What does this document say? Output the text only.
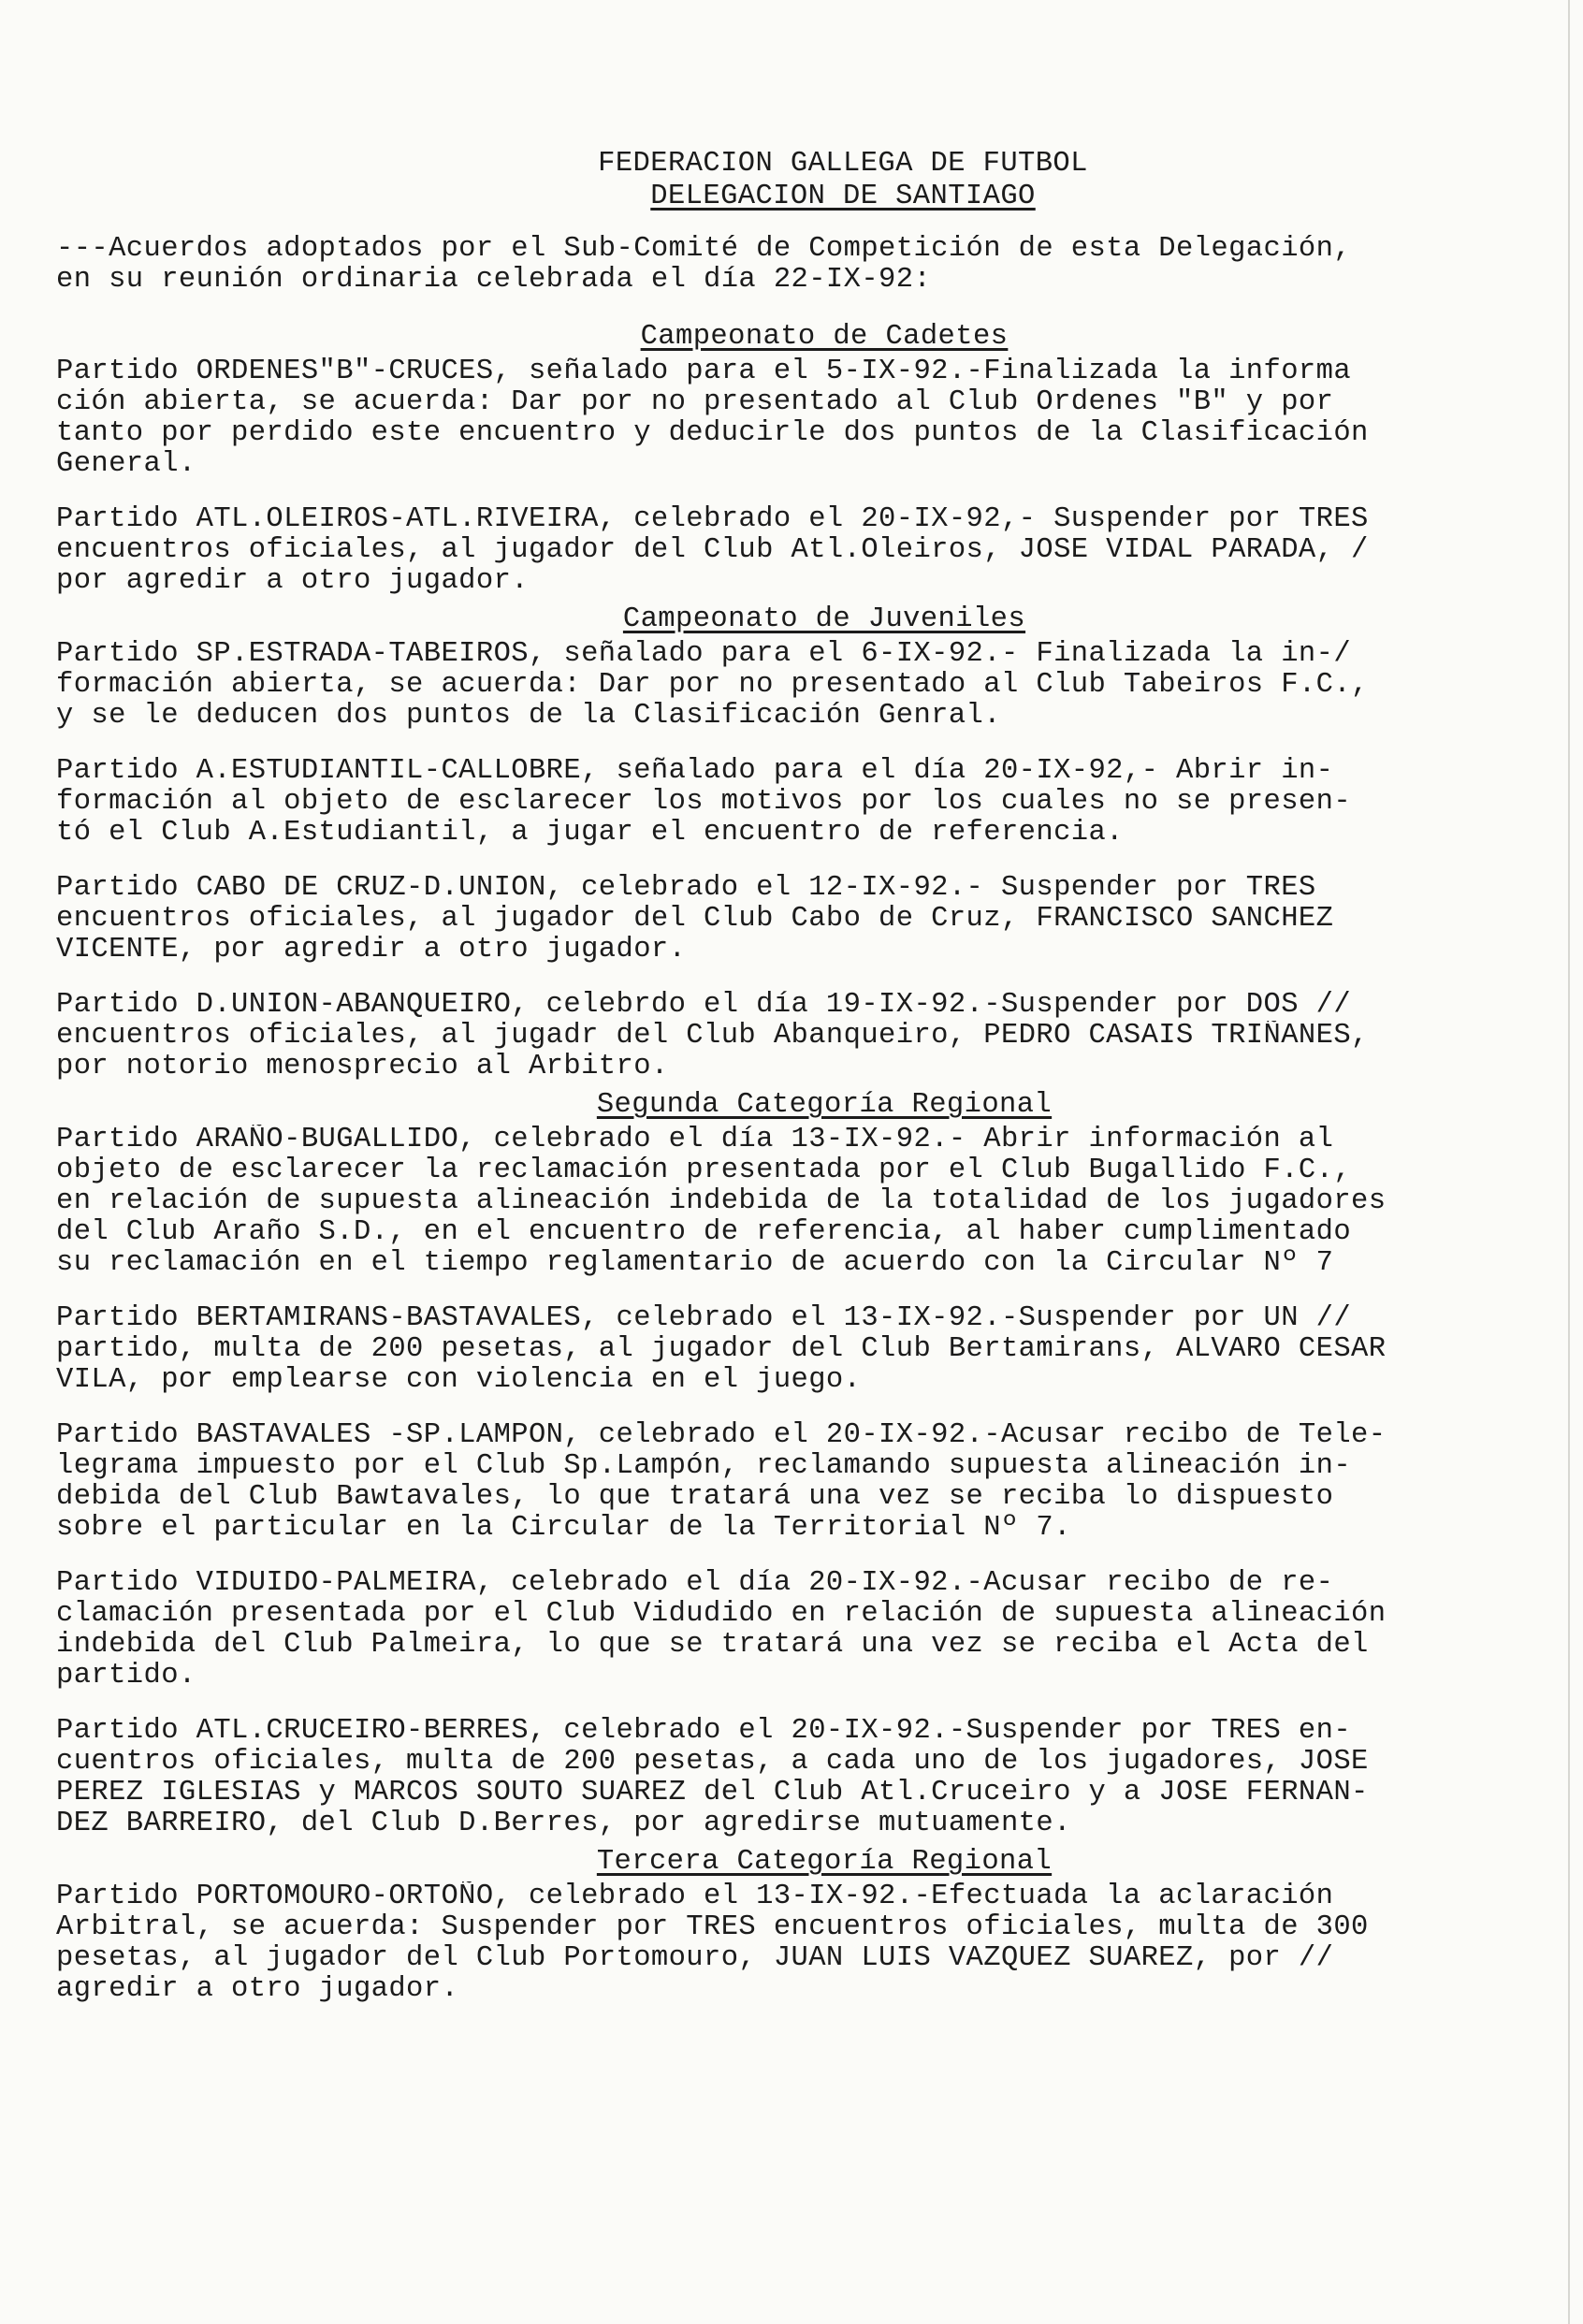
FEDERACION GALLEGA DE FUTBOL
DELEGACION DE SANTIAGO
---Acuerdos adoptados por el Sub-Comité de Competición de esta Delegación,
en su reunión ordinaria celebrada el día 22-IX-92:
Campeonato de Cadetes
Partido ORDENES"B"-CRUCES, señalado para el 5-IX-92.-Finalizada la informa
ción abierta, se acuerda: Dar por no presentado al Club Ordenes "B" y por
tanto por perdido este encuentro y deducirle dos puntos de la Clasificación
General.
Partido ATL.OLEIROS-ATL.RIVEIRA, celebrado el 20-IX-92,- Suspender por TRES
encuentros oficiales, al jugador del Club Atl.Oleiros, JOSE VIDAL PARADA, /
por agredir a otro jugador.
Campeonato de Juveniles
Partido SP.ESTRADA-TABEIROS, señalado para el 6-IX-92.- Finalizada la in-/
formación abierta, se acuerda: Dar por no presentado al Club Tabeiros F.C.,
y se le deducen dos puntos de la Clasificación Genral.
Partido A.ESTUDIANTIL-CALLOBRE, señalado para el día 20-IX-92,- Abrir in-
formación al objeto de esclarecer los motivos por los cuales no se presen-
tó el Club A.Estudiantil, a jugar el encuentro de referencia.
Partido CABO DE CRUZ-D.UNION, celebrado el 12-IX-92.- Suspender por TRES
encuentros oficiales, al jugador del Club Cabo de Cruz, FRANCISCO SANCHEZ
VICENTE, por agredir a otro jugador.
Partido D.UNION-ABANQUEIRO, celebrdo el día 19-IX-92.-Suspender por DOS //
encuentros oficiales, al jugadr del Club Abanqueiro, PEDRO CASAIS TRIÑANES,
por notorio menosprecio al Arbitro.
Segunda Categoría Regional
Partido ARAÑO-BUGALLIDO, celebrado el día 13-IX-92.- Abrir información al
objeto de esclarecer la reclamación presentada por el Club Bugallido F.C.,
en relación de supuesta alineación indebida de la totalidad de los jugadores
del Club Araño S.D., en el encuentro de referencia, al haber cumplimentado
su reclamación en el tiempo reglamentario de acuerdo con la Circular Nº 7
Partido BERTAMIRANS-BASTAVALES, celebrado el 13-IX-92.-Suspender por UN //
partido, multa de 200 pesetas, al jugador del Club Bertamirans, ALVARO CESAR
VILA, por emplearse con violencia en el juego.
Partido BASTAVALES -SP.LAMPON, celebrado el 20-IX-92.-Acusar recibo de Tele-
legrama impuesto por el Club Sp.Lampón, reclamando supuesta alineación in-
debida del Club Bawtavales, lo que tratará una vez se reciba lo dispuesto
sobre el particular en la Circular de la Territorial Nº 7.
Partido VIDUIDO-PALMEIRA, celebrado el día 20-IX-92.-Acusar recibo de re-
clamación presentada por el Club Vidudido en relación de supuesta alineación
indebida del Club Palmeira, lo que se tratará una vez se reciba el Acta del
partido.
Partido ATL.CRUCEIRO-BERRES, celebrado el 20-IX-92.-Suspender por TRES en-
cuentros oficiales, multa de 200 pesetas, a cada uno de los jugadores, JOSE
PEREZ IGLESIAS y MARCOS SOUTO SUAREZ del Club Atl.Cruceiro y a JOSE FERNAN-
DEZ BARREIRO, del Club D.Berres, por agredirse mutuamente.
Tercera Categoría Regional
Partido PORTOMOURO-ORTOÑO, celebrado el 13-IX-92.-Efectuada la aclaración
Arbitral, se acuerda: Suspender por TRES encuentros oficiales, multa de 300
pesetas, al jugador del Club Portomouro, JUAN LUIS VAZQUEZ SUAREZ, por //
agredir a otro jugador.
